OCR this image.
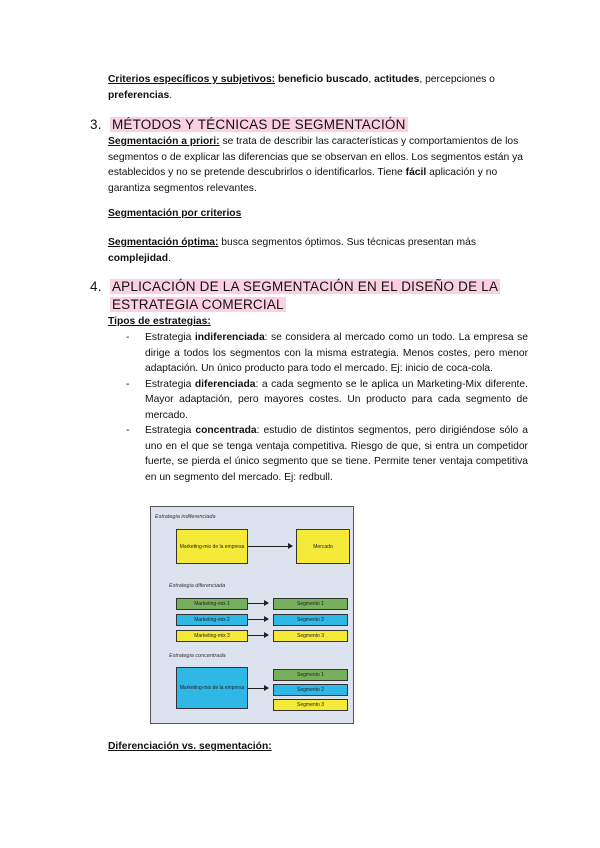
Criterios específicos y subjetivos: beneficio buscado, actitudes, percepciones o preferencias.
3. MÉTODOS Y TÉCNICAS DE SEGMENTACIÓN
Segmentación a priori: se trata de describir las características y comportamientos de los segmentos o de explicar las diferencias que se observan en ellos. Los segmentos están ya establecidos y no se pretende descubrirlos o identificarlos. Tiene fácil aplicación y no garantiza segmentos relevantes.
Segmentación por criterios
Segmentación óptima: busca segmentos óptimos. Sus técnicas presentan más complejidad.
4. APLICACIÓN DE LA SEGMENTACIÓN EN EL DISEÑO DE LA
ESTRATEGIA COMERCIAL
Tipos de estrategias:
- Estrategia indiferenciada: se considera al mercado como un todo. La empresa se dirige a todos los segmentos con la misma estrategia. Menos costes, pero menor adaptación. Un único producto para todo el mercado. Ej: inicio de coca-cola.
- Estrategia diferenciada: a cada segmento se le aplica un Marketing-Mix diferente. Mayor adaptación, pero mayores costes. Un producto para cada segmento de mercado.
- Estrategia concentrada: estudio de distintos segmentos, pero dirigiéndose sólo a uno en el que se tenga ventaja competitiva. Riesgo de que, si entra un competidor fuerte, se pierda el único segmento que se tiene. Permite tener ventaja competitiva en un segmento del mercado. Ej: redbull.
Estrategia indiferenciada
Marketing-mix de la empresa	Mercado
Estrategia diferenciada
Marketing-mix 1	Segmento 1
Marketing-mix 2	Segmento 2
Marketing-mix 3	Segmento 3
Estrategia concentrada
Marketing-mix de la empresa
Segmento 1
Segmento 2
Segmento 3
Diferenciación vs. segmentación:
